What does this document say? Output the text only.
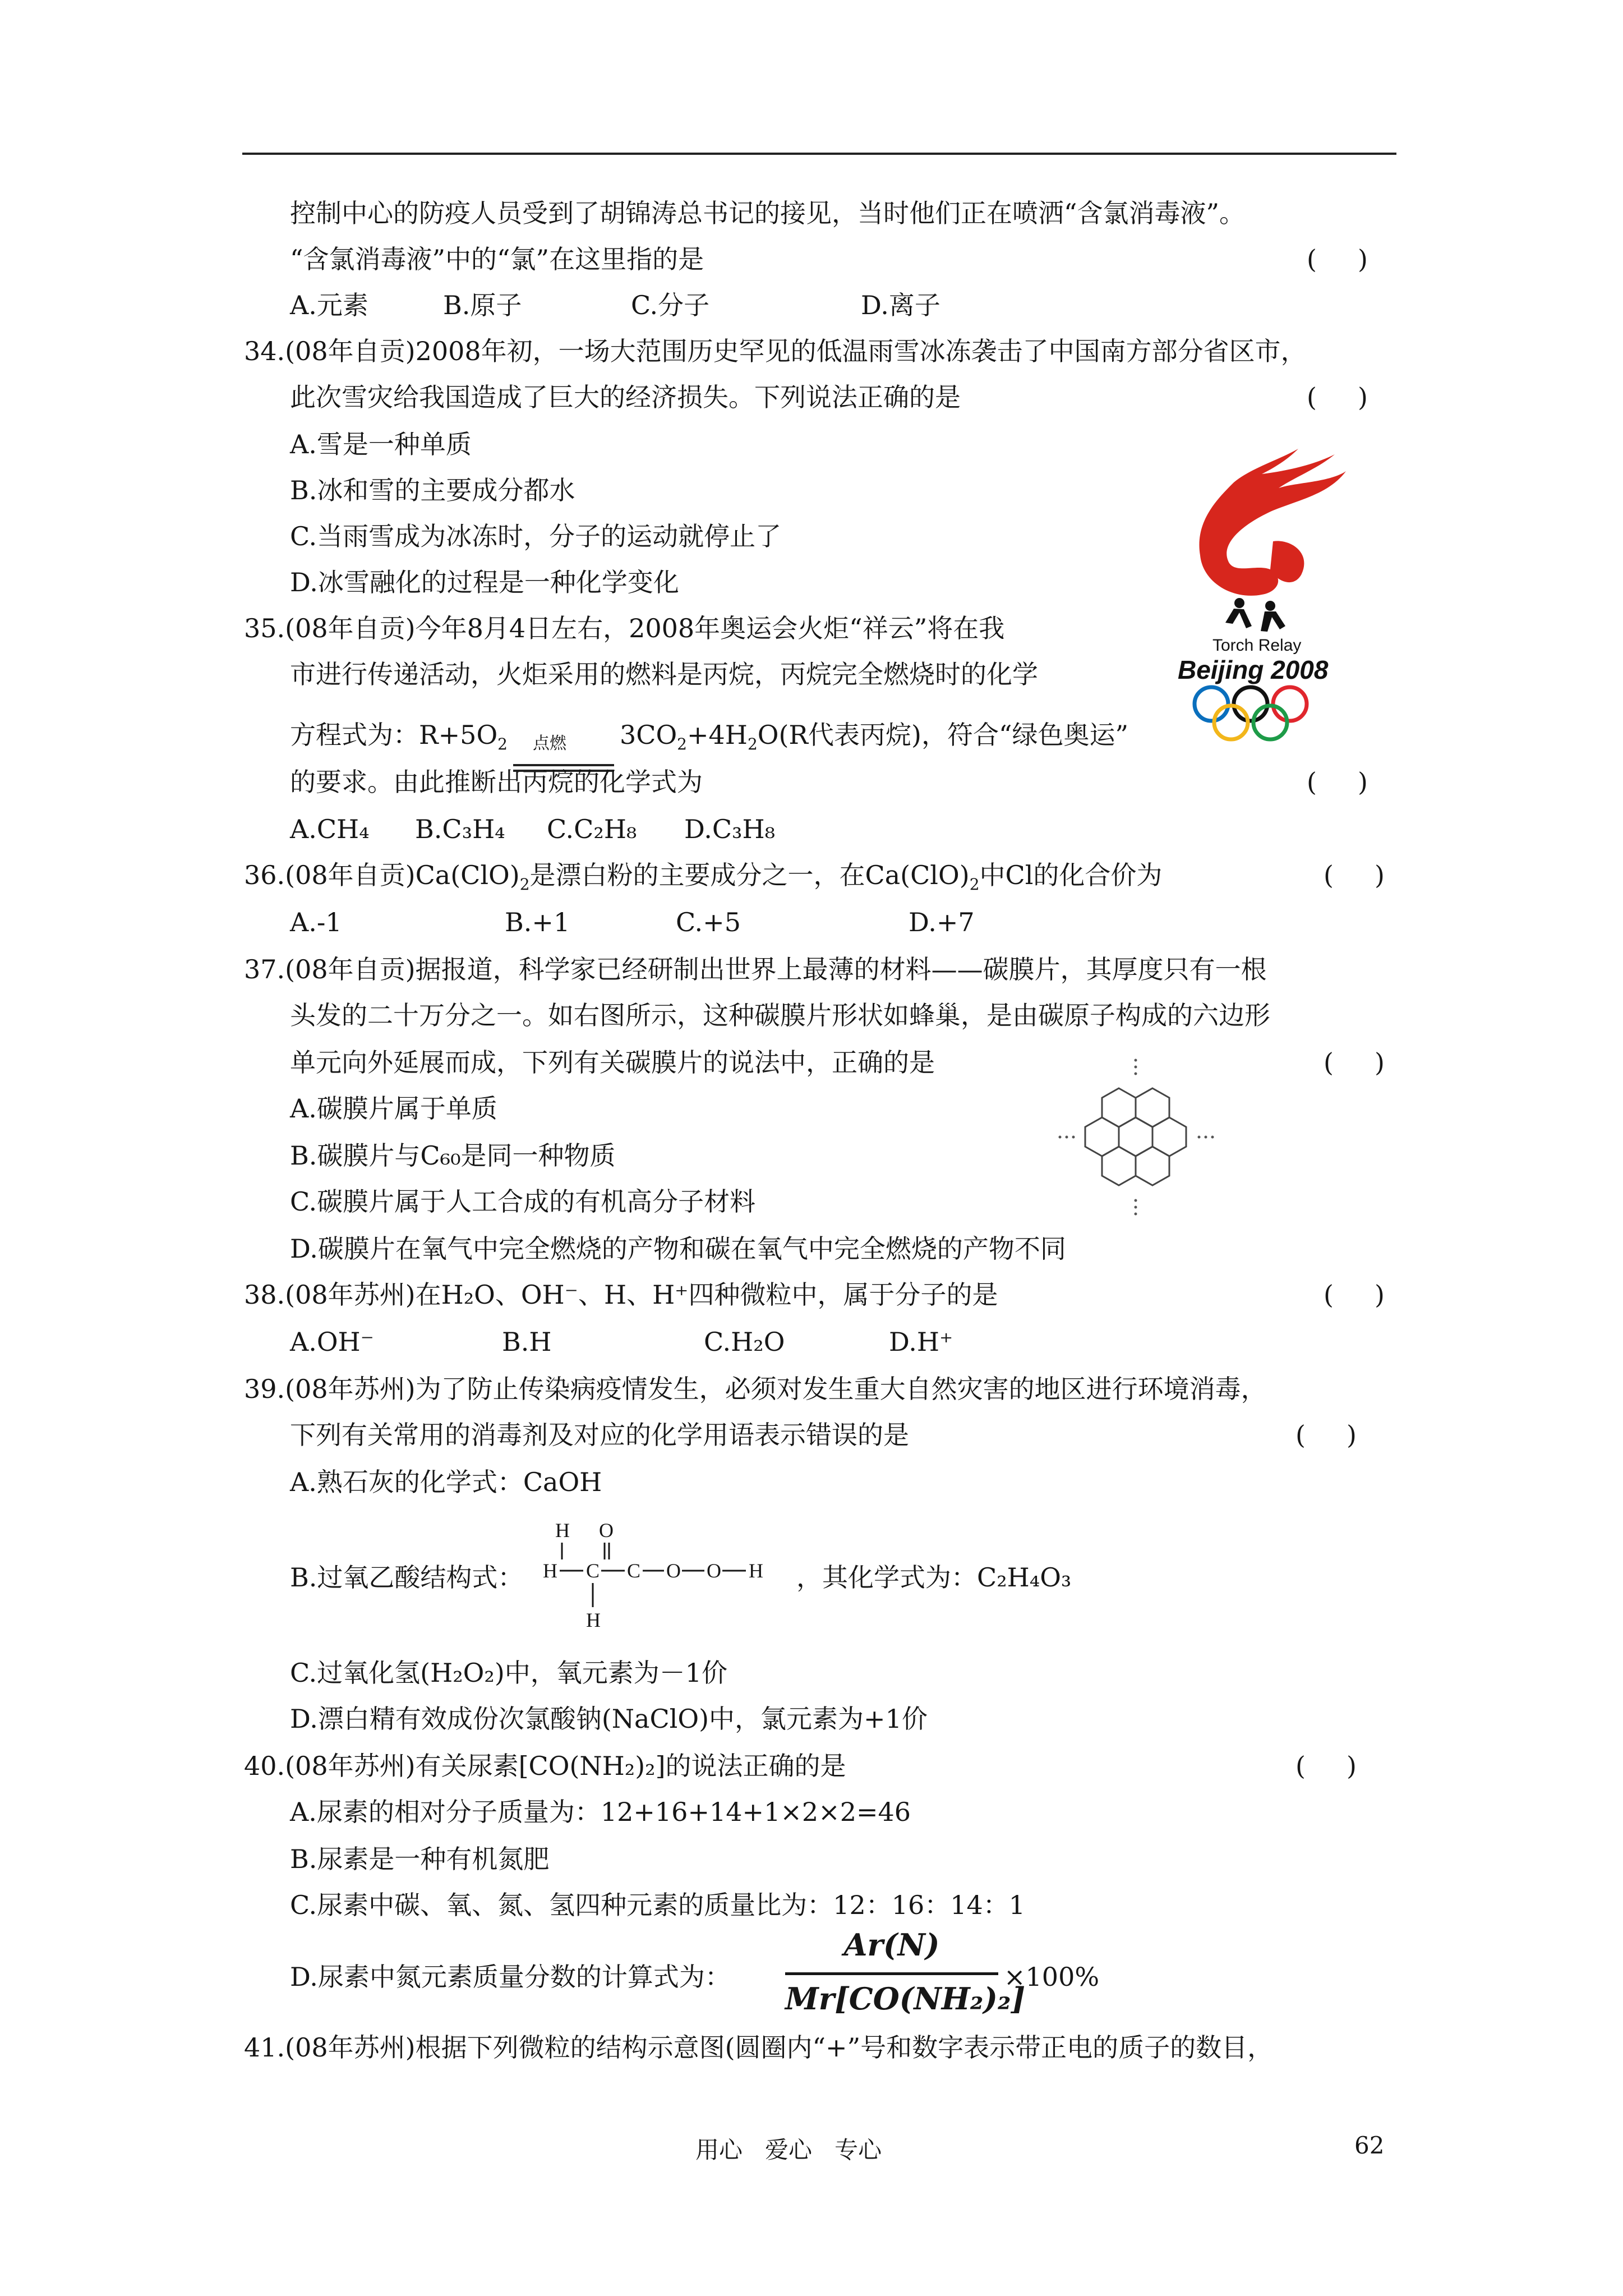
控制中心的防疫人员受到了胡锦涛总书记的接见，当时他们正在喷洒“含氯消毒液”。
“含氯消毒液”中的“氯”在这里指的是	(     )
A.元素	B.原子	C.分子	D.离子
34.(08年自贡)2008年初，一场大范围历史罕见的低温雨雪冰冻袭击了中国南方部分省区市，
此次雪灾给我国造成了巨大的经济损失。下列说法正确的是	(     )
A.雪是一种单质
B.冰和雪的主要成分都水
C.当雨雪成为冰冻时，分子的运动就停止了
D.冰雪融化的过程是一种化学变化
Torch Relay
Beijing 2008
35.(08年自贡)今年8月4日左右，2008年奥运会火炬“祥云”将在我
市进行传递活动，火炬采用的燃料是丙烷，丙烷完全燃烧时的化学
方程式为：$R+5O_2$ 点燃 $3CO_2+4H_2O(R$代表丙烷)，符合“绿色奥运”
的要求。由此推断出丙烷的化学式为	(     )
A.CH₄ B.C₃H₄ C.C₂H₈ D.C₃H₈
36.(08年自贡)$Ca(ClO)_2$是漂白粉的主要成分之一，在$Ca(ClO)_2$中Cl的化合价为	(     )
A.-1	B.+1	C.+5	D.+7
37.(08年自贡)据报道，科学家已经研制出世界上最薄的材料——碳膜片，其厚度只有一根
头发的二十万分之一。如右图所示，这种碳膜片形状如蜂巢，是由碳原子构成的六边形
单元向外延展而成，下列有关碳膜片的说法中，正确的是	(     )
A.碳膜片属于单质
B.碳膜片与C₆₀是同一种物质
C.碳膜片属于人工合成的有机高分子材料
D.碳膜片在氧气中完全燃烧的产物和碳在氧气中完全燃烧的产物不同
38.(08年苏州)在H₂O、OH⁻、H、H⁺四种微粒中，属于分子的是	(     )
A.OH⁻	B.H	C.H₂O	D.H⁺
39.(08年苏州)为了防止传染病疫情发生，必须对发生重大自然灾害的地区进行环境消毒，
下列有关常用的消毒剂及对应的化学用语表示错误的是	(     )
A.熟石灰的化学式：CaOH
B.过氧乙酸结构式：
H O
H C C O O H
H
，其化学式为：C₂H₄O₃
C.过氧化氢(H₂O₂)中，氧元素为－1价
D.漂白精有效成份次氯酸钠(NaClO)中，氯元素为+1价
40.(08年苏州)有关尿素[CO(NH₂)₂]的说法正确的是	(     )
A.尿素的相对分子质量为：12+16+14+1×2×2=46
B.尿素是一种有机氮肥
C.尿素中碳、氧、氮、氢四种元素的质量比为：12：16：14：1
D.尿素中氮元素质量分数的计算式为：
Ar(N)
Mr[CO(NH₂)₂]
×100%
41.(08年苏州)根据下列微粒的结构示意图(圆圈内“+”号和数字表示带正电的质子的数目，
用心   爱心   专心	62
